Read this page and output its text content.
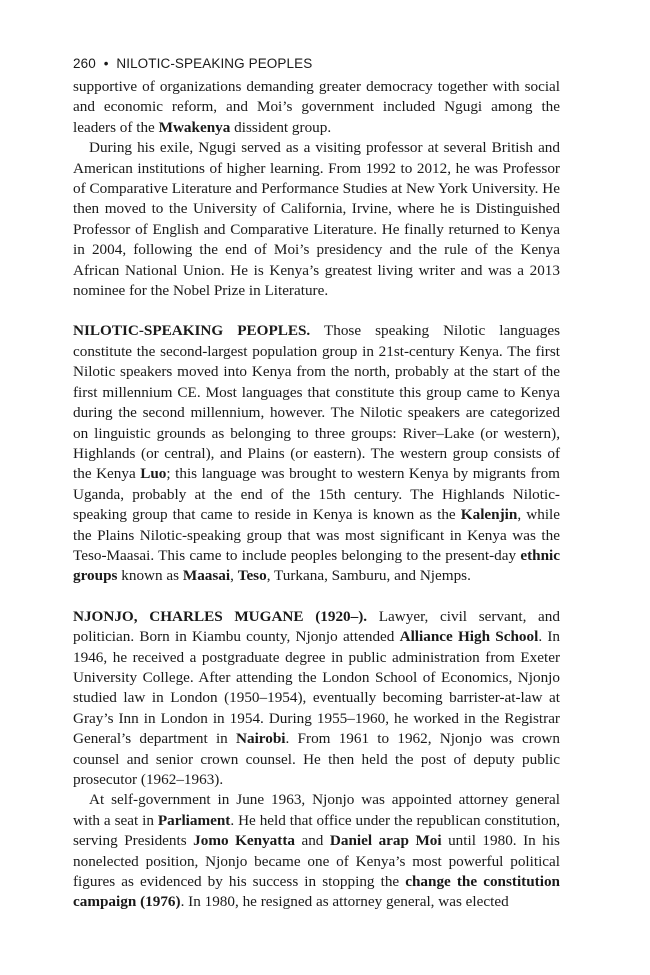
260 • NILOTIC-SPEAKING PEOPLES

supportive of organizations demanding greater democracy together with social and economic reform, and Moi’s government included Ngugi among the leaders of the Mwakenya dissident group.

During his exile, Ngugi served as a visiting professor at several British and American institutions of higher learning. From 1992 to 2012, he was Professor of Comparative Literature and Performance Studies at New York University. He then moved to the University of California, Irvine, where he is Distinguished Professor of English and Comparative Literature. He finally returned to Kenya in 2004, following the end of Moi’s presidency and the rule of the Kenya African National Union. He is Kenya’s greatest living writer and was a 2013 nominee for the Nobel Prize in Literature.

NILOTIC-SPEAKING PEOPLES. Those speaking Nilotic languages constitute the second-largest population group in 21st-century Kenya. The first Nilotic speakers moved into Kenya from the north, probably at the start of the first millennium CE. Most languages that constitute this group came to Kenya during the second millennium, however. The Nilotic speakers are categorized on linguistic grounds as belonging to three groups: River–Lake (or western), Highlands (or central), and Plains (or eastern). The western group consists of the Kenya Luo; this language was brought to western Kenya by migrants from Uganda, probably at the end of the 15th century. The Highlands Nilotic-speaking group that came to reside in Kenya is known as the Kalenjin, while the Plains Nilotic-speaking group that was most significant in Kenya was the Teso-Maasai. This came to include peoples belonging to the present-day ethnic groups known as Maasai, Teso, Turkana, Samburu, and Njemps.

NJONJO, CHARLES MUGANE (1920–). Lawyer, civil servant, and politician. Born in Kiambu county, Njonjo attended Alliance High School. In 1946, he received a postgraduate degree in public administration from Exeter University College. After attending the London School of Economics, Njonjo studied law in London (1950–1954), eventually becoming barrister-at-law at Gray’s Inn in London in 1954. During 1955–1960, he worked in the Registrar General’s department in Nairobi. From 1961 to 1962, Njonjo was crown counsel and senior crown counsel. He then held the post of deputy public prosecutor (1962–1963).

At self-government in June 1963, Njonjo was appointed attorney general with a seat in Parliament. He held that office under the republican constitution, serving Presidents Jomo Kenyatta and Daniel arap Moi until 1980. In his nonelected position, Njonjo became one of Kenya’s most powerful political figures as evidenced by his success in stopping the change the constitution campaign (1976). In 1980, he resigned as attorney general, was elected
